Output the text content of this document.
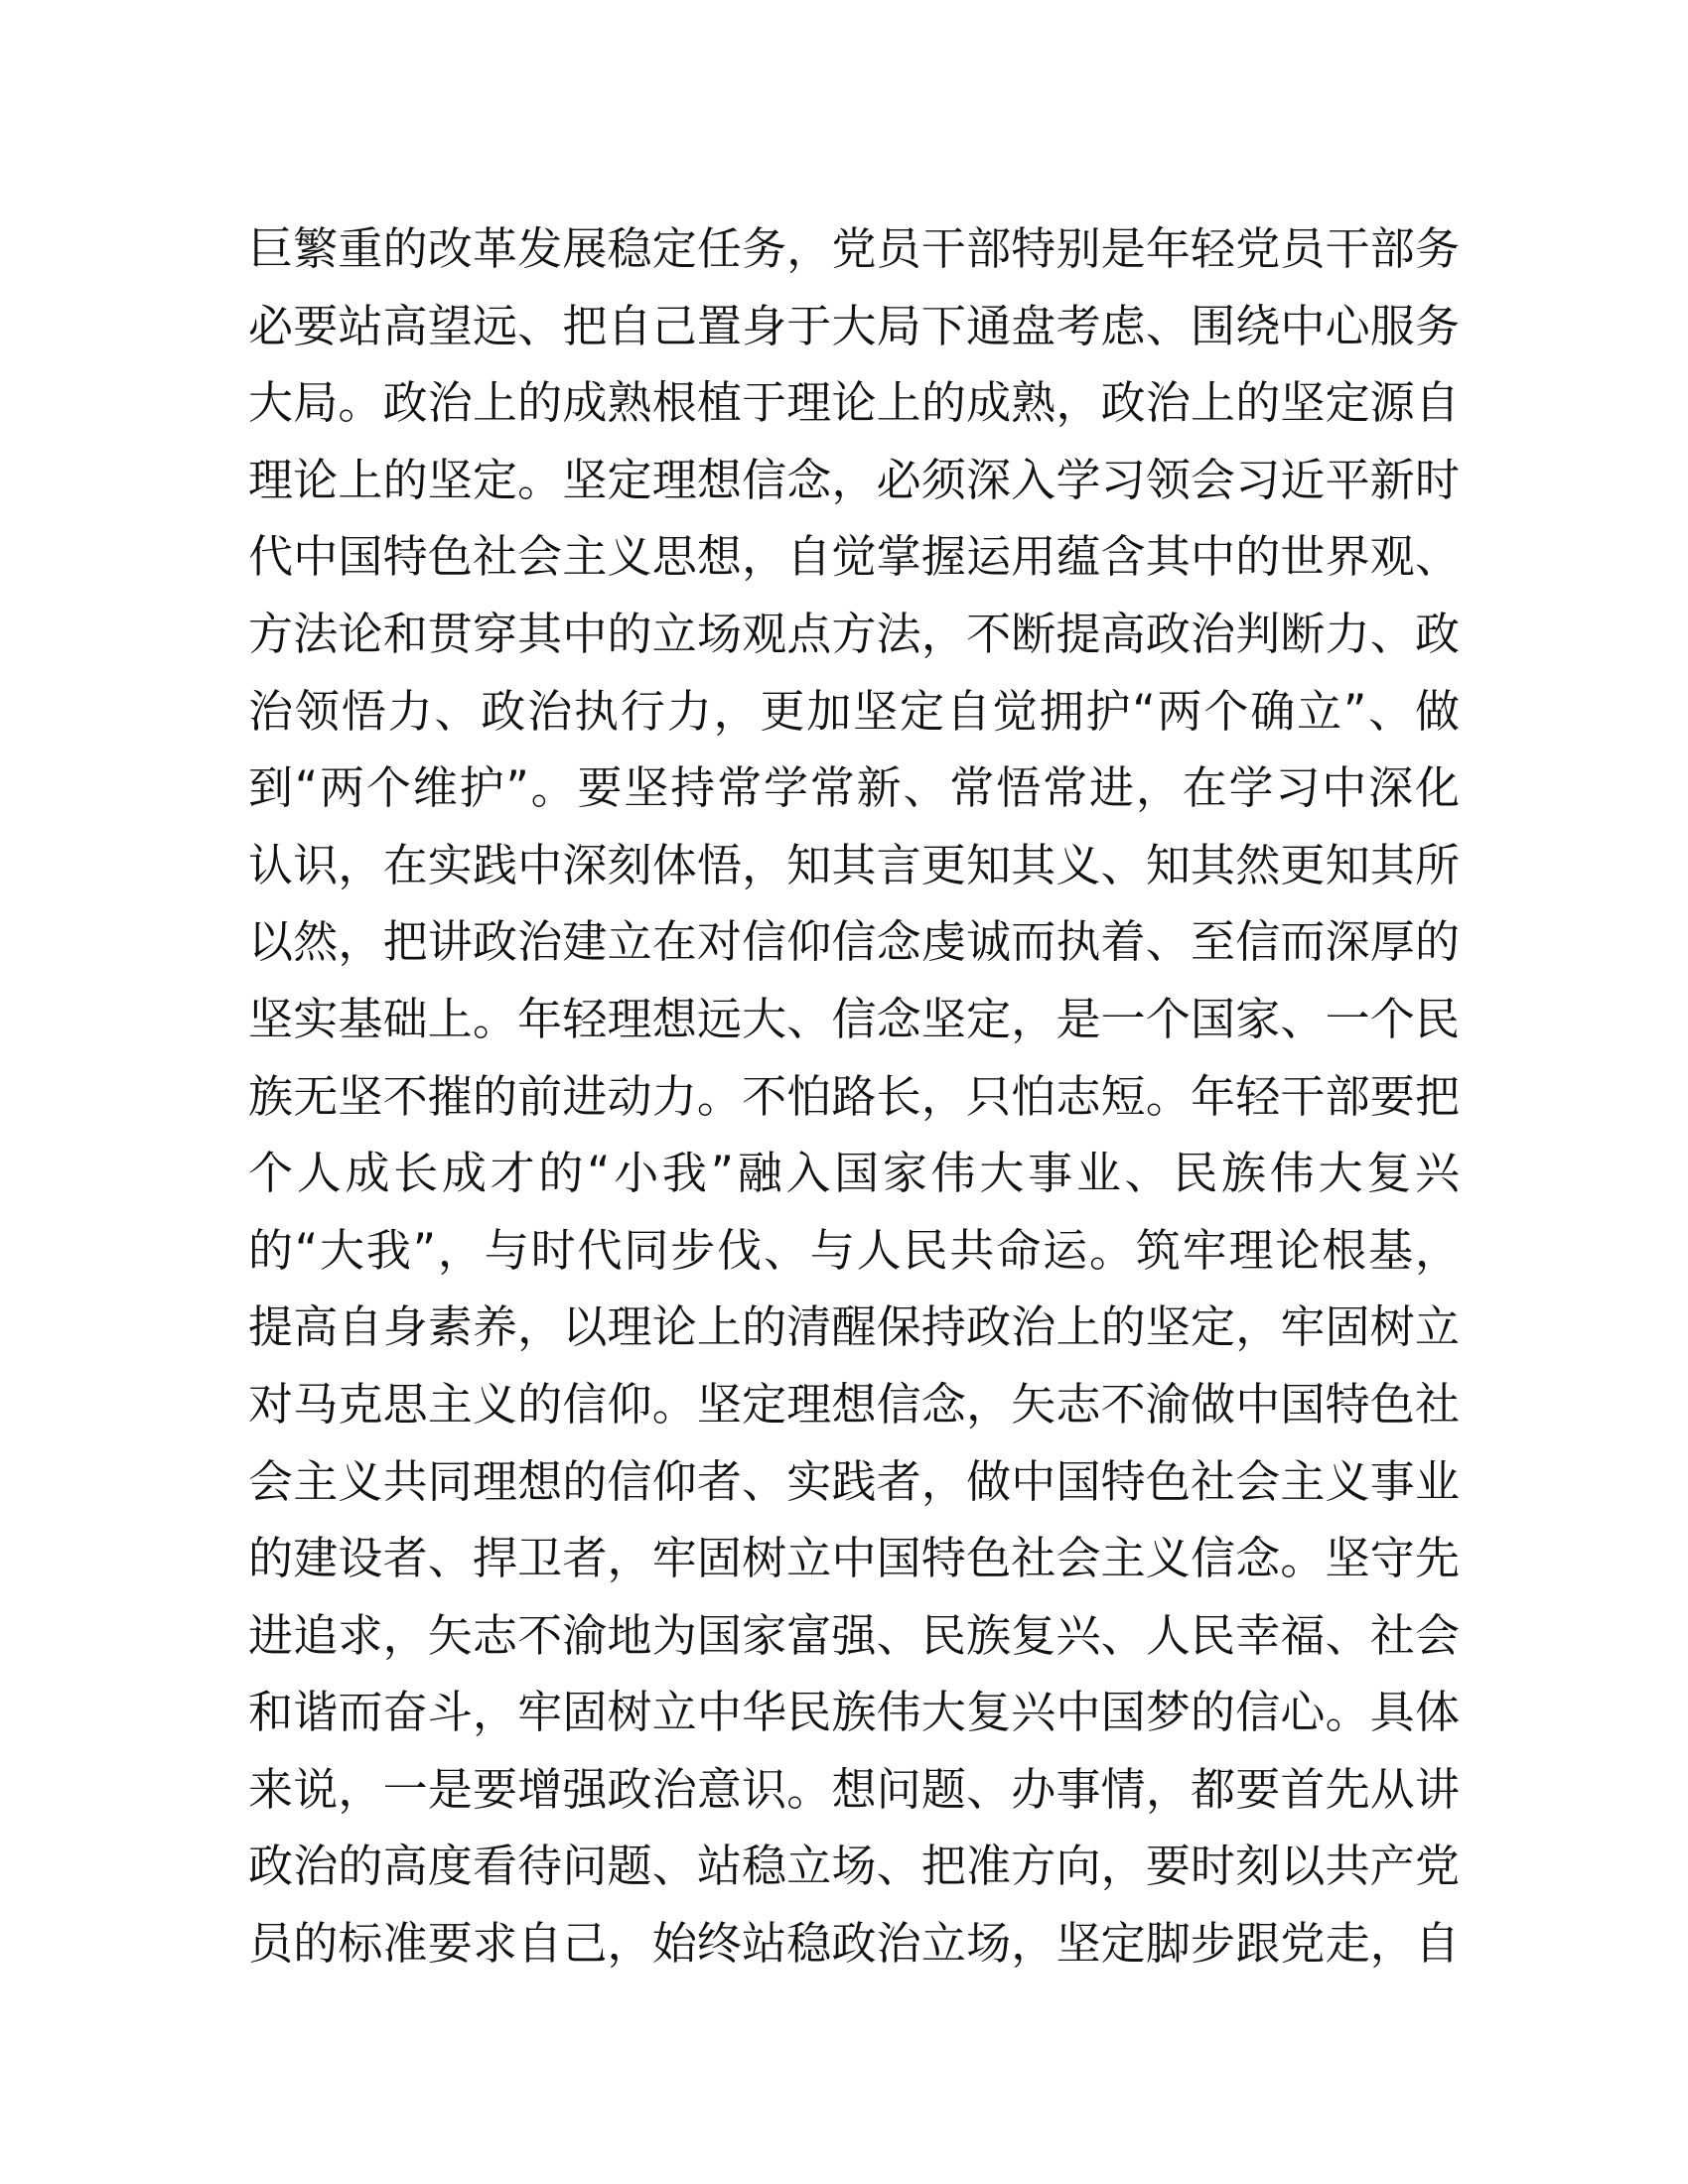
巨繁重的改革发展稳定任务，党员干部特别是年轻党员干部务
必要站高望远、把自己置身于大局下通盘考虑、围绕中心服务
大局。政治上的成熟根植于理论上的成熟，政治上的坚定源自
理论上的坚定。坚定理想信念，必须深入学习领会习近平新时
代中国特色社会主义思想，自觉掌握运用蕴含其中的世界观、
方法论和贯穿其中的立场观点方法，不断提高政治判断力、政
治领悟力、政治执行力，更加坚定自觉拥护“两个确立”、做
到“两个维护”。要坚持常学常新、常悟常进，在学习中深化
认识，在实践中深刻体悟，知其言更知其义、知其然更知其所
以然，把讲政治建立在对信仰信念虔诚而执着、至信而深厚的
坚实基础上。年轻理想远大、信念坚定，是一个国家、一个民
族无坚不摧的前进动力。不怕路长，只怕志短。年轻干部要把
个人成长成才的“小我”融入国家伟大事业、民族伟大复兴
的“大我”，与时代同步伐、与人民共命运。筑牢理论根基，
提高自身素养，以理论上的清醒保持政治上的坚定，牢固树立
对马克思主义的信仰。坚定理想信念，矢志不渝做中国特色社
会主义共同理想的信仰者、实践者，做中国特色社会主义事业
的建设者、捍卫者，牢固树立中国特色社会主义信念。坚守先
进追求，矢志不渝地为国家富强、民族复兴、人民幸福、社会
和谐而奋斗，牢固树立中华民族伟大复兴中国梦的信心。具体
来说，一是要增强政治意识。想问题、办事情，都要首先从讲
政治的高度看待问题、站稳立场、把准方向，要时刻以共产党
员的标准要求自己，始终站稳政治立场，坚定脚步跟党走，自
